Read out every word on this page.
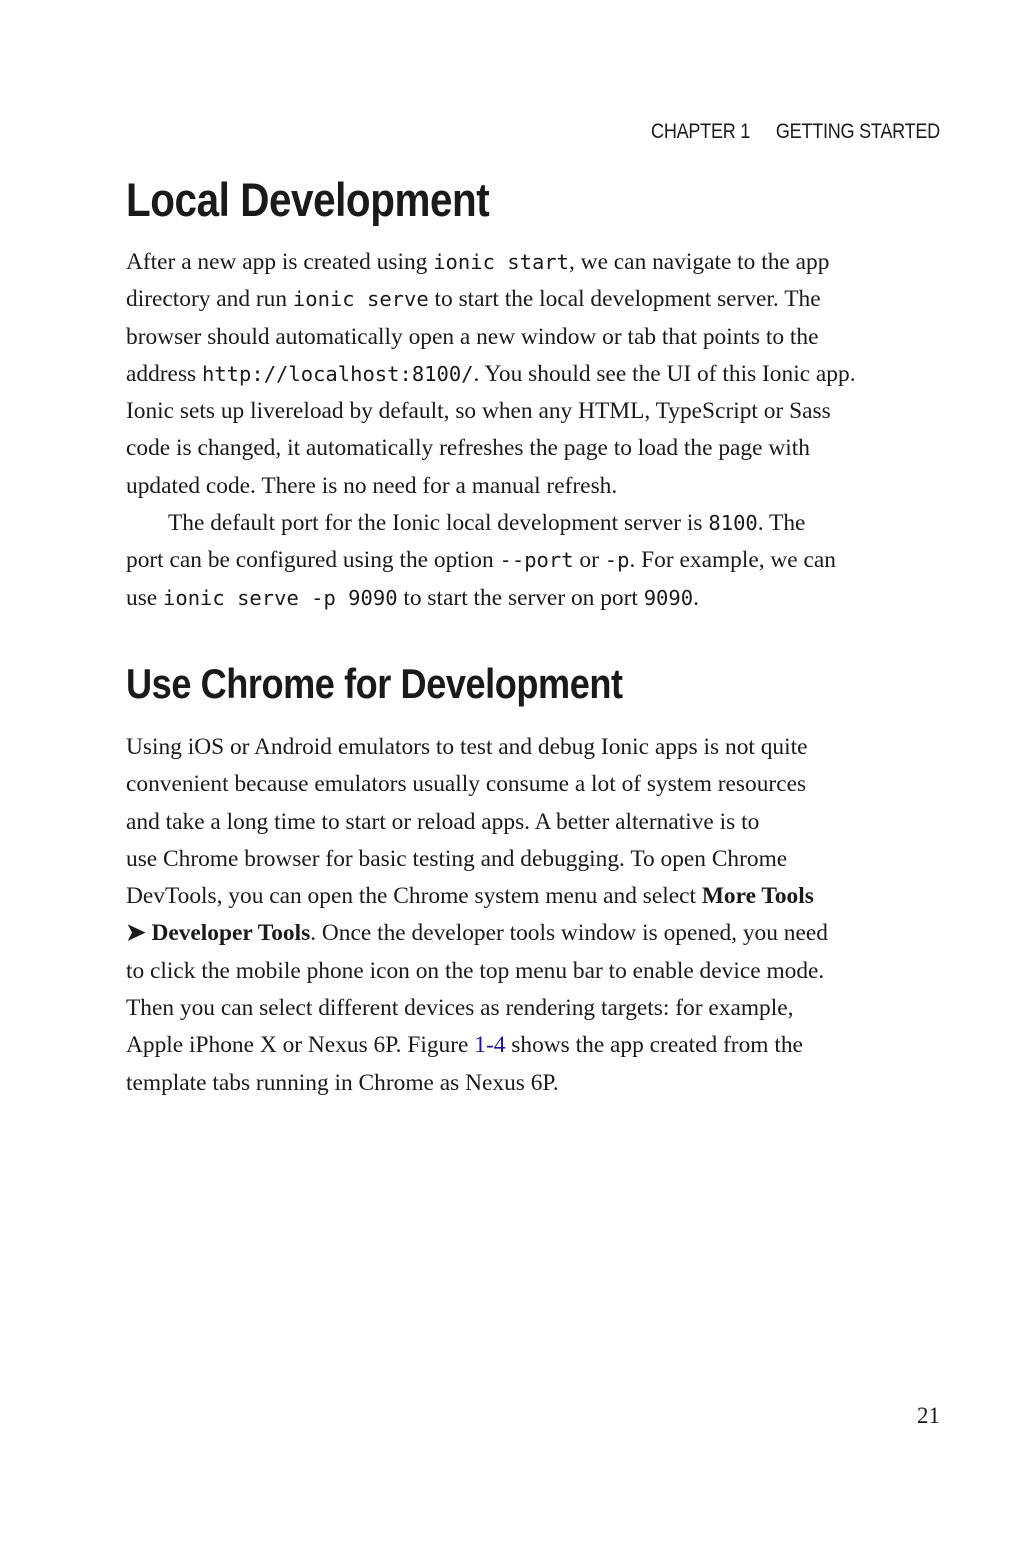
CHAPTER 1 GETTING STARTED
Local Development
After a new app is created using ionic start, we can navigate to the app
directory and run ionic serve to start the local development server. The
browser should automatically open a new window or tab that points to the
address http://localhost:8100/. You should see the UI of this Ionic app.
Ionic sets up livereload by default, so when any HTML, TypeScript or Sass
code is changed, it automatically refreshes the page to load the page with
updated code. There is no need for a manual refresh.
The default port for the Ionic local development server is 8100. The
port can be configured using the option --port or -p. For example, we can
use ionic serve -p 9090 to start the server on port 9090.
Use Chrome for Development
Using iOS or Android emulators to test and debug Ionic apps is not quite
convenient because emulators usually consume a lot of system resources
and take a long time to start or reload apps. A better alternative is to
use Chrome browser for basic testing and debugging. To open Chrome
DevTools, you can open the Chrome system menu and select More Tools
➤ Developer Tools. Once the developer tools window is opened, you need
to click the mobile phone icon on the top menu bar to enable device mode.
Then you can select different devices as rendering targets: for example,
Apple iPhone X or Nexus 6P. Figure 1-4 shows the app created from the
template tabs running in Chrome as Nexus 6P.
21
